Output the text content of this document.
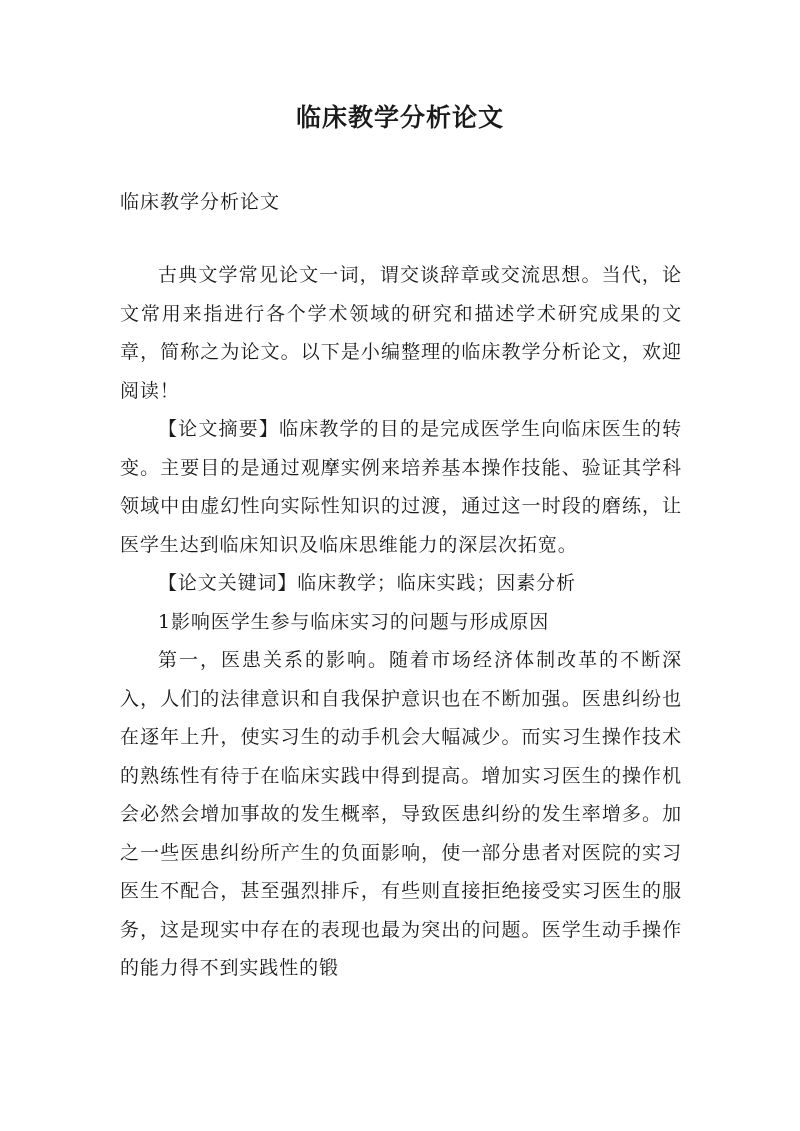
临床教学分析论文
临床教学分析论文

古典文学常见论文一词，谓交谈辞章或交流思想。当代，论文常用来指进行各个学术领域的研究和描述学术研究成果的文章，简称之为论文。以下是小编整理的临床教学分析论文，欢迎阅读！

【论文摘要】临床教学的目的是完成医学生向临床医生的转变。主要目的是通过观摩实例来培养基本操作技能、验证其学科领域中由虚幻性向实际性知识的过渡，通过这一时段的磨练，让医学生达到临床知识及临床思维能力的深层次拓宽。

【论文关键词】临床教学；临床实践；因素分析

1影响医学生参与临床实习的问题与形成原因

第一，医患关系的影响。随着市场经济体制改革的不断深入，人们的法律意识和自我保护意识也在不断加强。医患纠纷也在逐年上升，使实习生的动手机会大幅减少。而实习生操作技术的熟练性有待于在临床实践中得到提高。增加实习医生的操作机会必然会增加事故的发生概率，导致医患纠纷的发生率增多。加之一些医患纠纷所产生的负面影响，使一部分患者对医院的实习医生不配合，甚至强烈排斥，有些则直接拒绝接受实习医生的服务，这是现实中存在的表现也最为突出的问题。医学生动手操作的能力得不到实践性的锻
